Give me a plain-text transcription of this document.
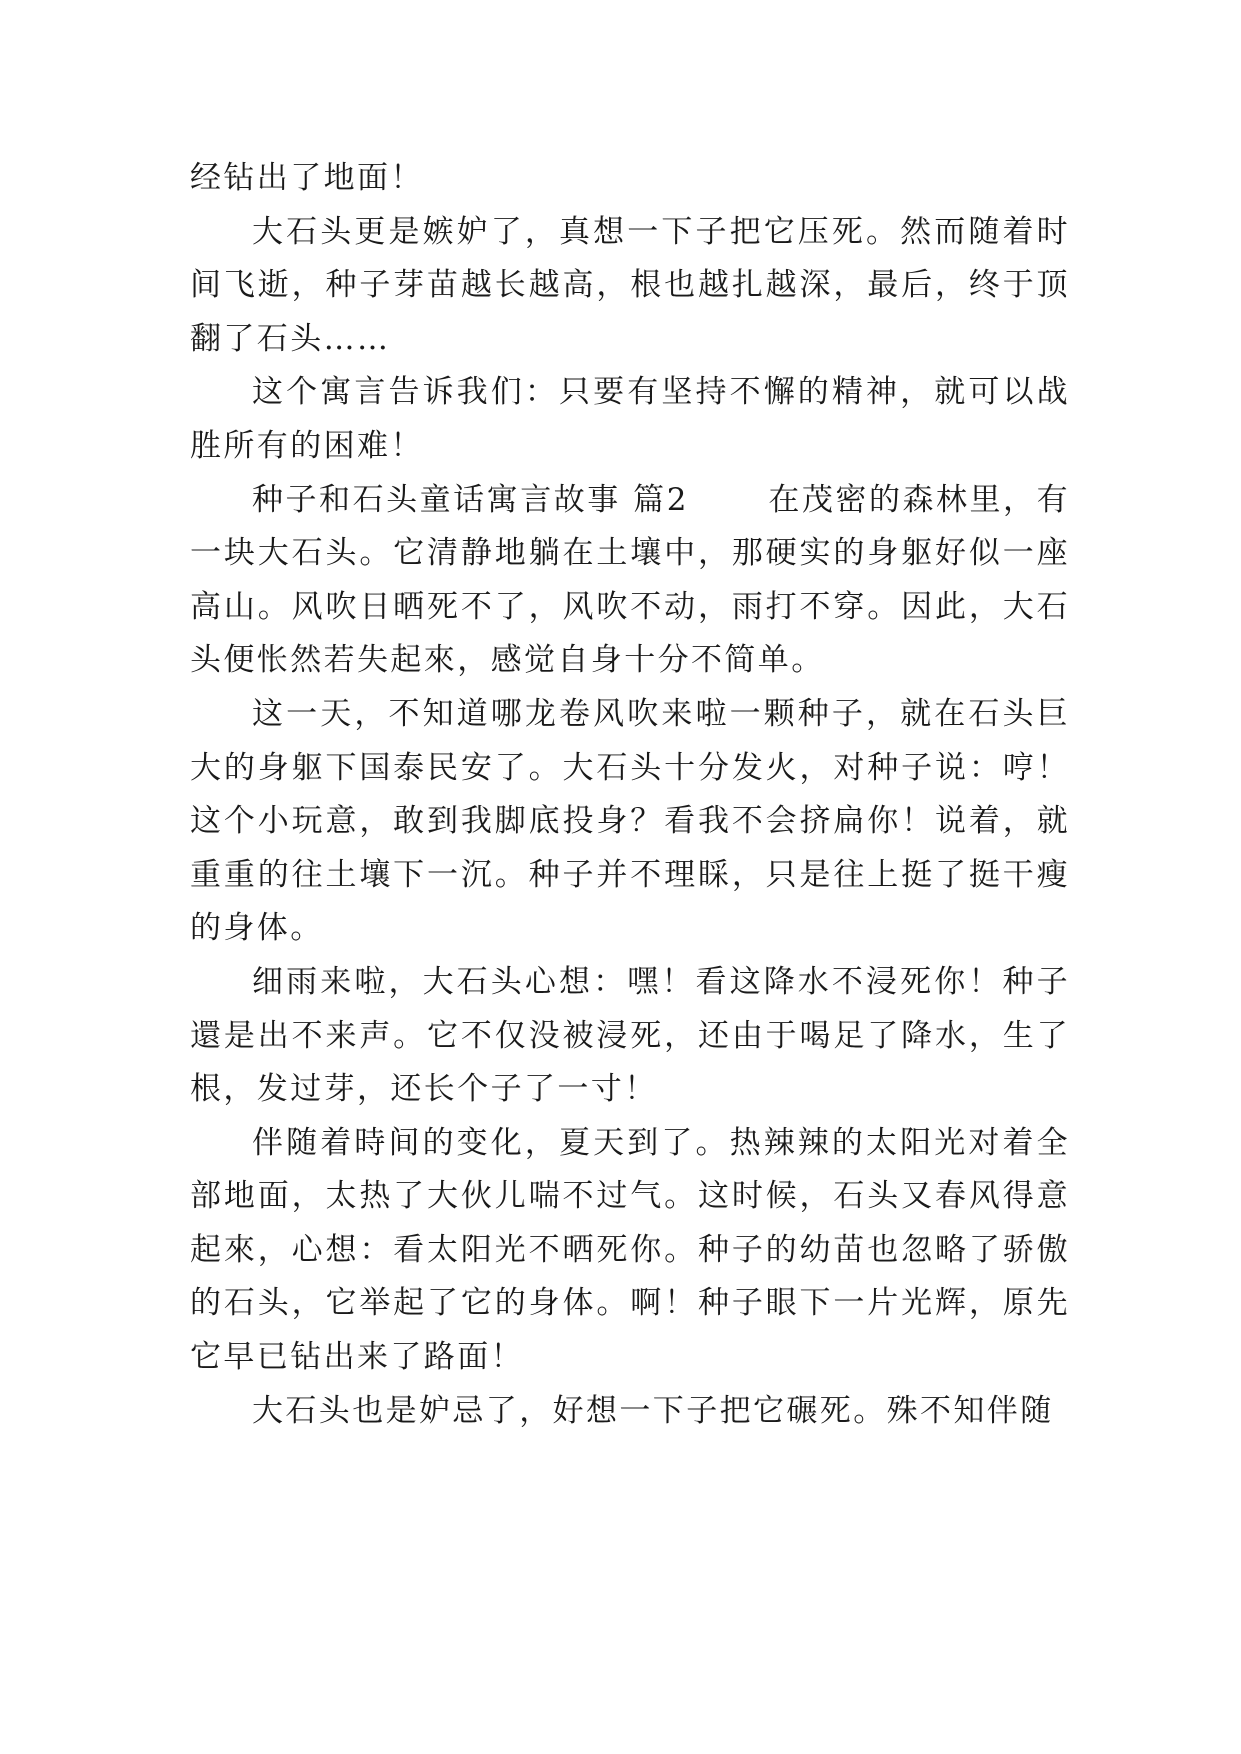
经钻出了地面！

大石头更是嫉妒了，真想一下子把它压死。然而随着时间飞逝，种子芽苗越长越高，根也越扎越深，最后，终于顶翻了石头……

这个寓言告诉我们：只要有坚持不懈的精神，就可以战胜所有的困难！

种子和石头童话寓言故事 篇2　　 在茂密的森林里，有一块大石头。它清静地躺在土壤中，那硬实的身躯好似一座高山。风吹日晒死不了，风吹不动，雨打不穿。因此，大石头便怅然若失起來，感觉自身十分不简单。

这一天，不知道哪龙卷风吹来啦一颗种子，就在石头巨大的身躯下国泰民安了。大石头十分发火，对种子说：哼！这个小玩意，敢到我脚底投身？看我不会挤扁你！说着，就重重的往土壤下一沉。种子并不理睬，只是往上挺了挺干瘦的身体。

细雨来啦，大石头心想：嘿！看这降水不浸死你！种子還是出不来声。它不仅没被浸死，还由于喝足了降水，生了根，发过芽，还长个子了一寸！

伴随着時间的变化，夏天到了。热辣辣的太阳光对着全部地面，太热了大伙儿喘不过气。这时候，石头又春风得意起來，心想：看太阳光不晒死你。种子的幼苗也忽略了骄傲的石头，它举起了它的身体。啊！种子眼下一片光辉，原先它早已钻出来了路面！

大石头也是妒忌了，好想一下子把它碾死。殊不知伴随
